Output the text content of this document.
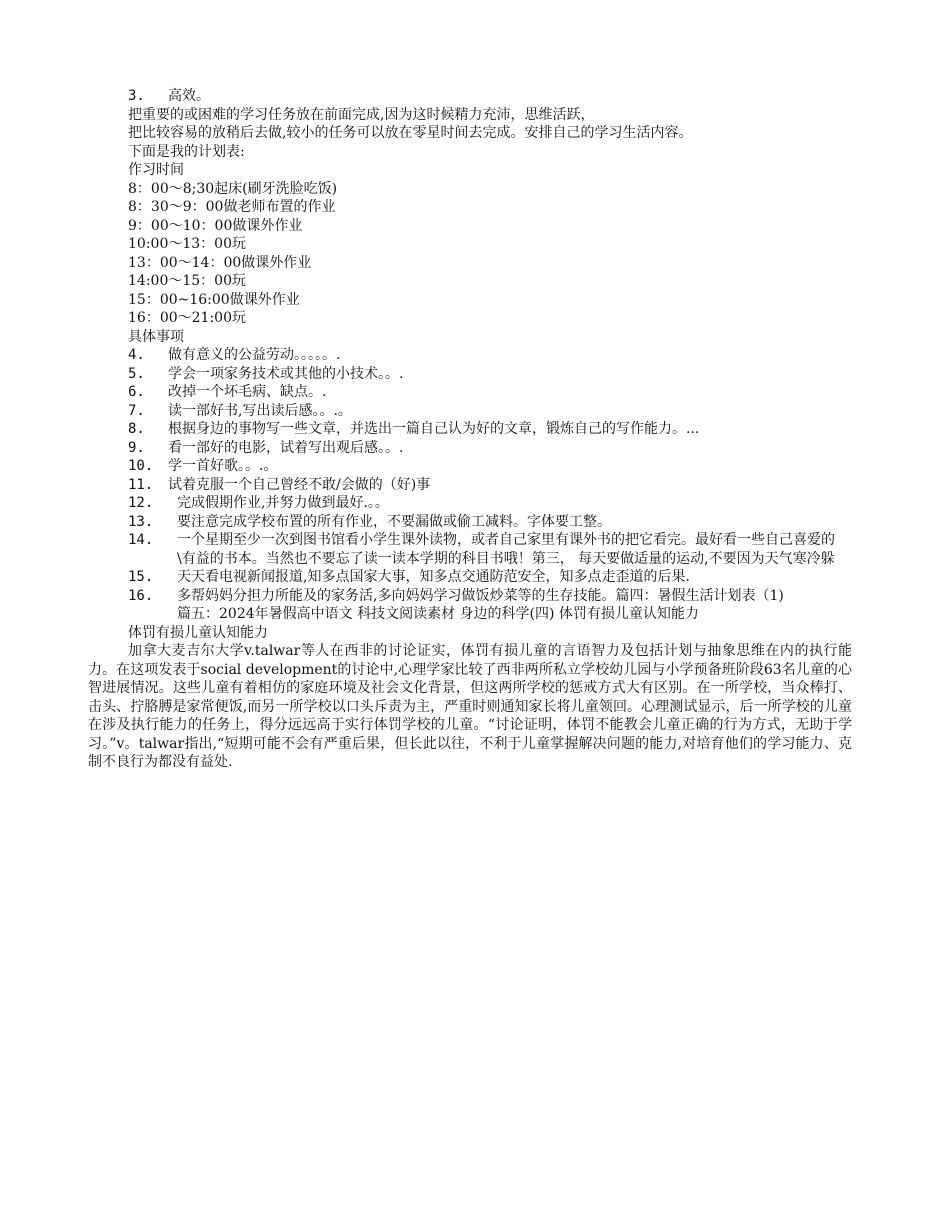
3.	高效。
把重要的或困难的学习任务放在前面完成,因为这时候精力充沛，思维活跃，
把比较容易的放稍后去做,较小的任务可以放在零星时间去完成。安排自己的学习生活内容。
下面是我的计划表:
作习时间
8：00～8;30起床(刷牙洗脸吃饭)
8：30～9：00做老师布置的作业
9：00～10：00做课外作业
10:00～13：00玩
13：00～14：00做课外作业
14:00～15：00玩
15：00~16:00做课外作业
16：00～21:00玩
具体事项
4.	做有意义的公益劳动。。。。。.
5.	学会一项家务技术或其他的小技术。。.
6.	改掉一个坏毛病、缺点。.
7.	读一部好书,写出读后感。。.。
8.	根据身边的事物写一些文章，并选出一篇自己认为好的文章，锻炼自己的写作能力。...
9.	看一部好的电影，试着写出观后感。。.
10.	学一首好歌。。.。
11.	试着克服一个自己曾经不敢/会做的（好)事
12.	完成假期作业,并努力做到最好.。。
13.	要注意完成学校布置的所有作业，不要漏做或偷工减料。字体要工整。
14.	一个星期至少一次到图书馆看小学生课外读物，或者自己家里有课外书的把它看完。最好看一些自己喜爱的\有益的书本。当然也不要忘了读一读本学期的科目书哦！第三， 每天要做适量的运动,不要因为天气寒冷躲
15.	天天看电视新闻报道,知多点国家大事，知多点交通防范安全，知多点走歪道的后果.
16.	多帮妈妈分担力所能及的家务活,多向妈妈学习做饭炒菜等的生存技能。篇四：暑假生活计划表（1)
篇五：2024年暑假高中语文 科技文阅读素材 身边的科学(四) 体罚有损儿童认知能力
体罚有损儿童认知能力
加拿大麦吉尔大学v.talwar等人在西非的讨论证实，体罚有损儿童的言语智力及包括计划与抽象思维在内的执行能力。在这项发表于social development的讨论中,心理学家比较了西非两所私立学校幼儿园与小学预备班阶段63名儿童的心智进展情况。这些儿童有着相仿的家庭环境及社会文化背景，但这两所学校的惩戒方式大有区别。在一所学校，当众棒打、击头、拧胳膊是家常便饭,而另一所学校以口头斥责为主，严重时则通知家长将儿童领回。心理测试显示，后一所学校的儿童在涉及执行能力的任务上，得分远远高于实行体罚学校的儿童。“讨论证明，体罚不能教会儿童正确的行为方式，无助于学习。”v。talwar指出,“短期可能不会有严重后果，但长此以往，不利于儿童掌握解决问题的能力,对培育他们的学习能力、克制不良行为都没有益处.
